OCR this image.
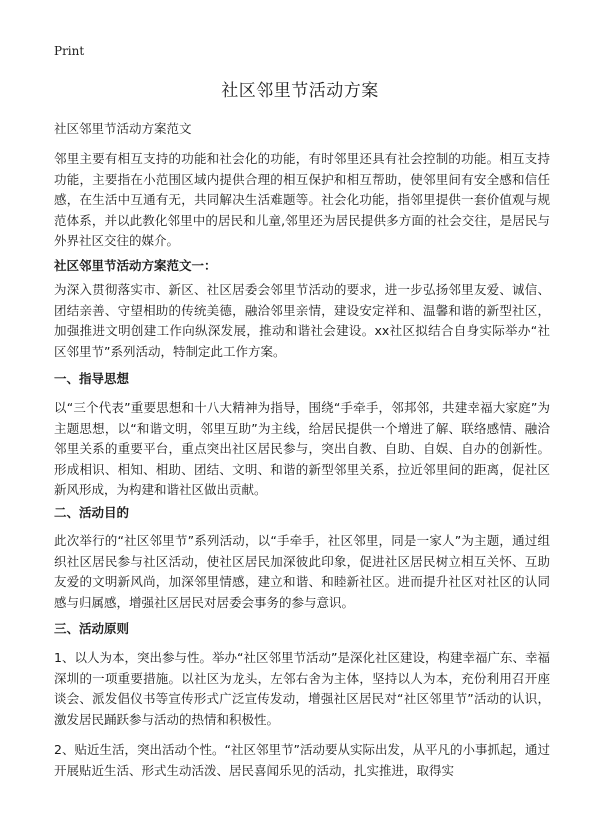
Print
社区邻里节活动方案
社区邻里节活动方案范文

邻里主要有相互支持的功能和社会化的功能，有时邻里还具有社会控制的功能。相互支持功能，主要指在小范围区域内提供合理的相互保护和相互帮助，使邻里间有安全感和信任感，在生活中互通有无，共同解决生活难题等。社会化功能，指邻里提供一套价值观与规范体系，并以此教化邻里中的居民和儿童,邻里还为居民提供多方面的社会交往，是居民与外界社区交往的媒介。

社区邻里节活动方案范文一：

为深入贯彻落实市、新区、社区居委会邻里节活动的要求，进一步弘扬邻里友爱、诚信、团结亲善、守望相助的传统美德，融洽邻里亲情，建设安定祥和、温馨和谐的新型社区，加强推进文明创建工作向纵深发展，推动和谐社会建设。xx社区拟结合自身实际举办“社区邻里节”系列活动，特制定此工作方案。

一、指导思想

以“三个代表”重要思想和十八大精神为指导，围绕“手牵手，邻邦邻，共建幸福大家庭”为主题思想，以“和谐文明，邻里互助”为主线，给居民提供一个增进了解、联络感情、融洽邻里关系的重要平台，重点突出社区居民参与，突出自教、自助、自娱、自办的创新性。形成相识、相知、相助、团结、文明、和谐的新型邻里关系，拉近邻里间的距离，促社区新风形成，为构建和谐社区做出贡献。

二、活动目的

此次举行的“社区邻里节”系列活动，以“手牵手，社区邻里，同是一家人”为主题，通过组织社区居民参与社区活动，使社区居民加深彼此印象，促进社区居民树立相互关怀、互助友爱的文明新风尚，加深邻里情感，建立和谐、和睦新社区。进而提升社区对社区的认同感与归属感，增强社区居民对居委会事务的参与意识。

三、活动原则

1、以人为本，突出参与性。举办“社区邻里节活动”是深化社区建设，构建幸福广东、幸福深圳的一项重要措施。以社区为龙头，左邻右舍为主体，坚持以人为本，充份利用召开座谈会、派发倡仪书等宣传形式广泛宣传发动，增强社区居民对“社区邻里节”活动的认识，激发居民踊跃参与活动的热情和积极性。

2、贴近生活，突出活动个性。“社区邻里节”活动要从实际出发，从平凡的小事抓起，通过开展贴近生活、形式生动活泼、居民喜闻乐见的活动，扎实推进，取得实
